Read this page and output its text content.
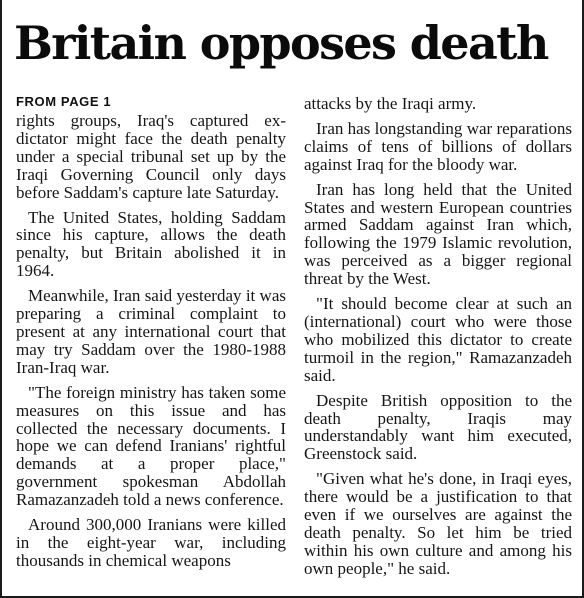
Britain opposes death
FROM PAGE 1

rights groups, Iraq's captured ex-dictator might face the death penalty under a special tribunal set up by the Iraqi Governing Council only days before Saddam's capture late Saturday.

The United States, holding Saddam since his capture, allows the death penalty, but Britain abolished it in 1964.

Meanwhile, Iran said yesterday it was preparing a criminal complaint to present at any international court that may try Saddam over the 1980-1988 Iran-Iraq war.

"The foreign ministry has taken some measures on this issue and has collected the necessary documents. I hope we can defend Iranians' rightful demands at a proper place," government spokesman Abdollah Ramazanzadeh told a news conference.

Around 300,000 Iranians were killed in the eight-year war, including thousands in chemical weapons

attacks by the Iraqi army.

Iran has longstanding war reparations claims of tens of billions of dollars against Iraq for the bloody war.

Iran has long held that the United States and western European countries armed Saddam against Iran which, following the 1979 Islamic revolution, was perceived as a bigger regional threat by the West.

"It should become clear at such an (international) court who were those who mobilized this dictator to create turmoil in the region," Ramazanzadeh said.

Despite British opposition to the death penalty, Iraqis may understandably want him executed, Greenstock said.

"Given what he's done, in Iraqi eyes, there would be a justification to that even if we ourselves are against the death penalty. So let him be tried within his own culture and among his own people," he said.
